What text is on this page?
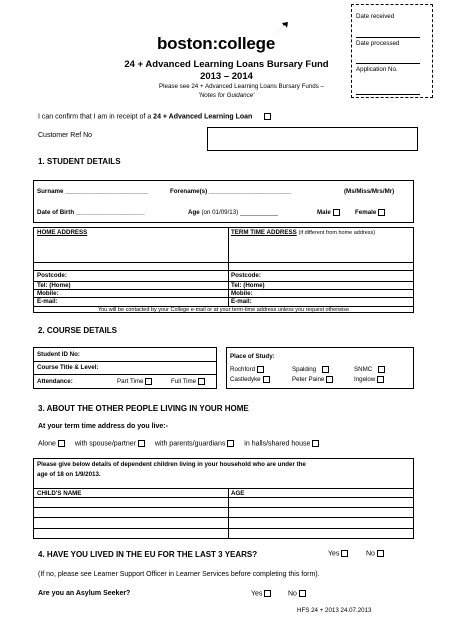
Date received
Date processed
Application No.
boston:college
24 + Advanced Learning Loans Bursary Fund
2013 – 2014
Please see 24 + Advanced Learning Loans Bursary Funds –
'Notes for Guidance'
I can confirm that I am in receipt of a 24 + Advanced Learning Loan
Customer Ref No
1. STUDENT DETAILS
Surname ________________________	Forename(s) ________________________	(Ms/Miss/Mrs/Mr)
Date of Birth ____________________	Age (on 01/09/13) ___________	Male	Female
HOME ADDRESS	TERM TIME ADDRESS (if different from home address)
Postcode:	Postcode:
Tel: (Home)	Tel: (Home)
Mobile:	Mobile:
E-mail:	E-mail:
You will be contacted by your College e-mail or at your term-time address unless you request otherwise
2. COURSE DETAILS
Student ID No:
Course Title & Level:
Attendance:	Part Time	Full Time
Place of Study:
Rochford	Spalding	SNMC
Castledyke	Peter Paine	Ingelow
3. ABOUT THE OTHER PEOPLE LIVING IN YOUR HOME
At your term time address do you live:-
Alone	with spouse/partner	with parents/guardians	in halls/shared house
Please give below details of dependent children living in your household who are under the
age of 18 on 1/9/2013.
CHILD'S NAME	AGE
4. HAVE YOU LIVED IN THE EU FOR THE LAST 3 YEARS?	Yes	No
(If no, please see Learner Support Officer in Learner Services before completing this form).
Are you an Asylum Seeker?	Yes	No
HFS 24 + 2013 24.07.2013
